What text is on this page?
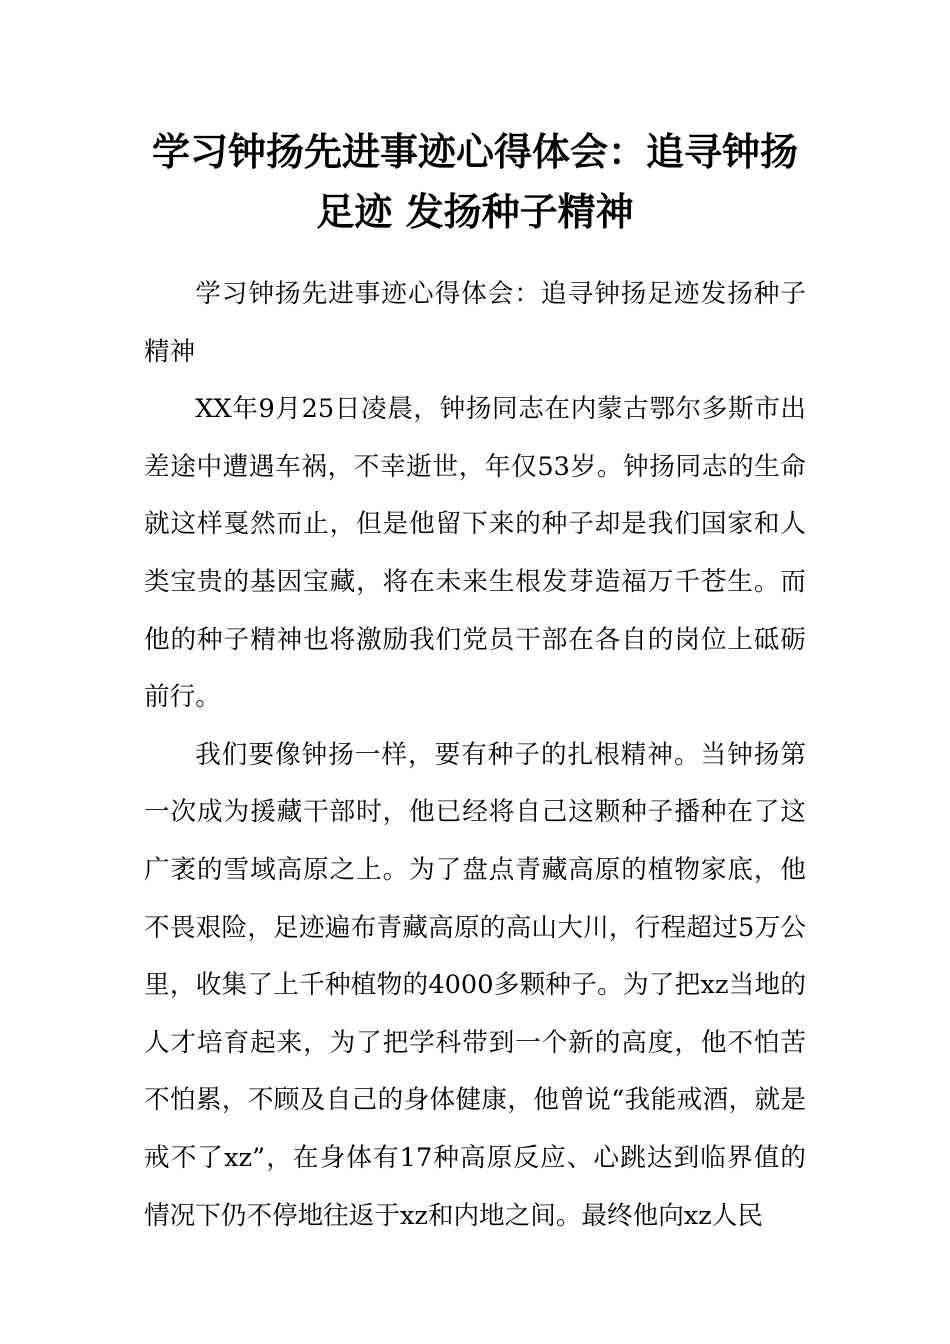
学习钟扬先进事迹心得体会：追寻钟扬足迹 发扬种子精神

学习钟扬先进事迹心得体会：追寻钟扬足迹发扬种子精神

XX年9月25日凌晨，钟扬同志在内蒙古鄂尔多斯市出差途中遭遇车祸，不幸逝世，年仅53岁。钟扬同志的生命就这样戛然而止，但是他留下来的种子却是我们国家和人类宝贵的基因宝藏，将在未来生根发芽造福万千苍生。而他的种子精神也将激励我们党员干部在各自的岗位上砥砺前行。

我们要像钟扬一样，要有种子的扎根精神。当钟扬第一次成为援藏干部时，他已经将自己这颗种子播种在了这广袤的雪域高原之上。为了盘点青藏高原的植物家底，他不畏艰险，足迹遍布青藏高原的高山大川，行程超过5万公里，收集了上千种植物的4000多颗种子。为了把xz当地的人才培育起来，为了把学科带到一个新的高度，他不怕苦不怕累，不顾及自己的身体健康，他曾说“我能戒酒，就是戒不了xz”，在身体有17种高原反应、心跳达到临界值的情况下仍不停地往返于xz和内地之间。最终他向xz人民
